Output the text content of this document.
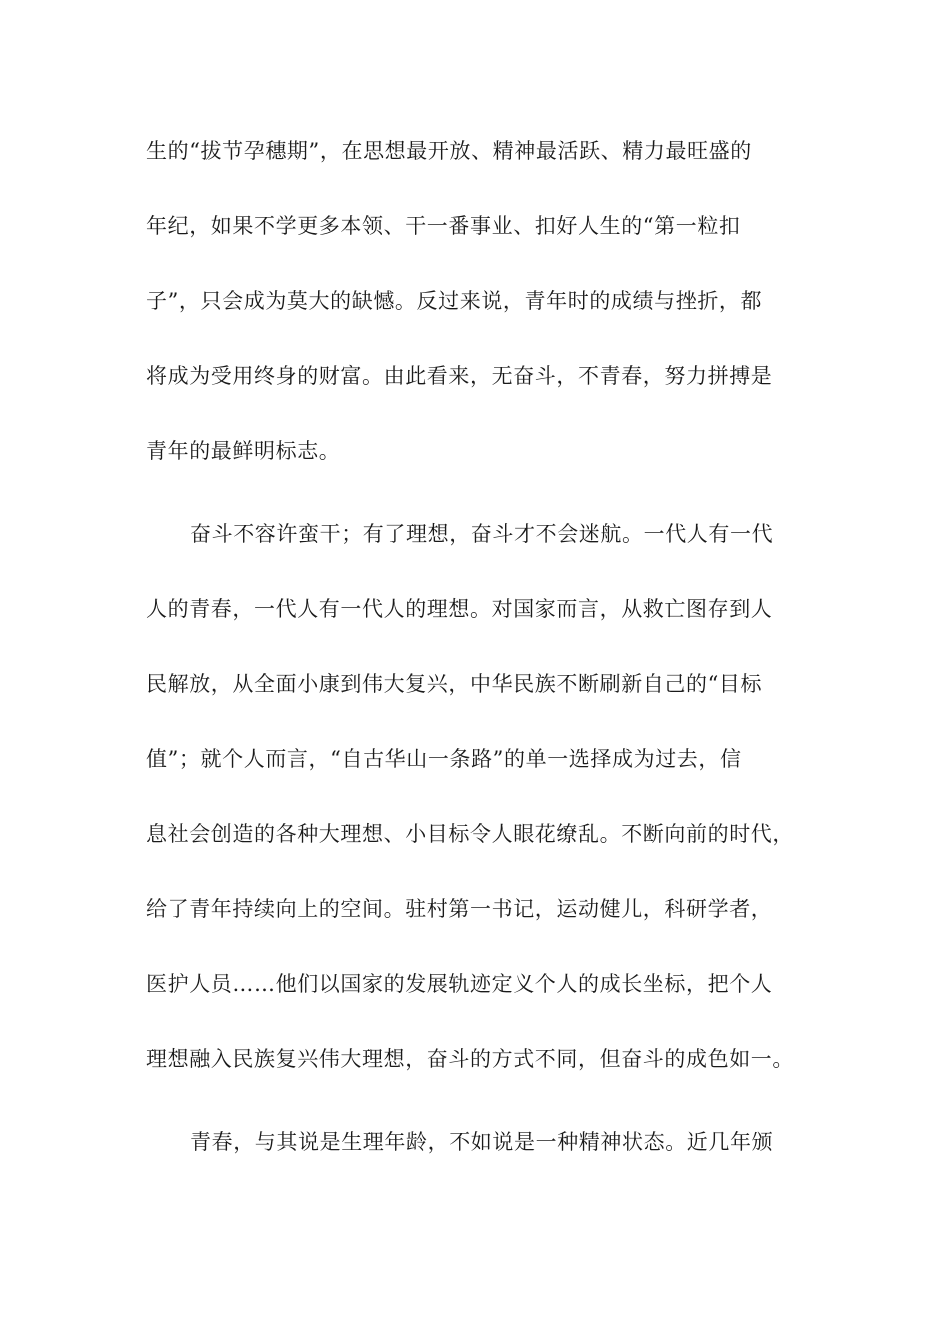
生的“拔节孕穗期”，在思想最开放、精神最活跃、精力最旺盛的
年纪，如果不学更多本领、干一番事业、扣好人生的“第一粒扣
子”，只会成为莫大的缺憾。反过来说，青年时的成绩与挫折，都
将成为受用终身的财富。由此看来，无奋斗，不青春，努力拼搏是
青年的最鲜明标志。
奋斗不容许蛮干；有了理想，奋斗才不会迷航。一代人有一代
人的青春，一代人有一代人的理想。对国家而言，从救亡图存到人
民解放，从全面小康到伟大复兴，中华民族不断刷新自己的“目标
值”；就个人而言，“自古华山一条路”的单一选择成为过去，信
息社会创造的各种大理想、小目标令人眼花缭乱。不断向前的时代，
给了青年持续向上的空间。驻村第一书记，运动健儿，科研学者，
医护人员……他们以国家的发展轨迹定义个人的成长坐标，把个人
理想融入民族复兴伟大理想，奋斗的方式不同，但奋斗的成色如一。
青春，与其说是生理年龄，不如说是一种精神状态。近几年颁
